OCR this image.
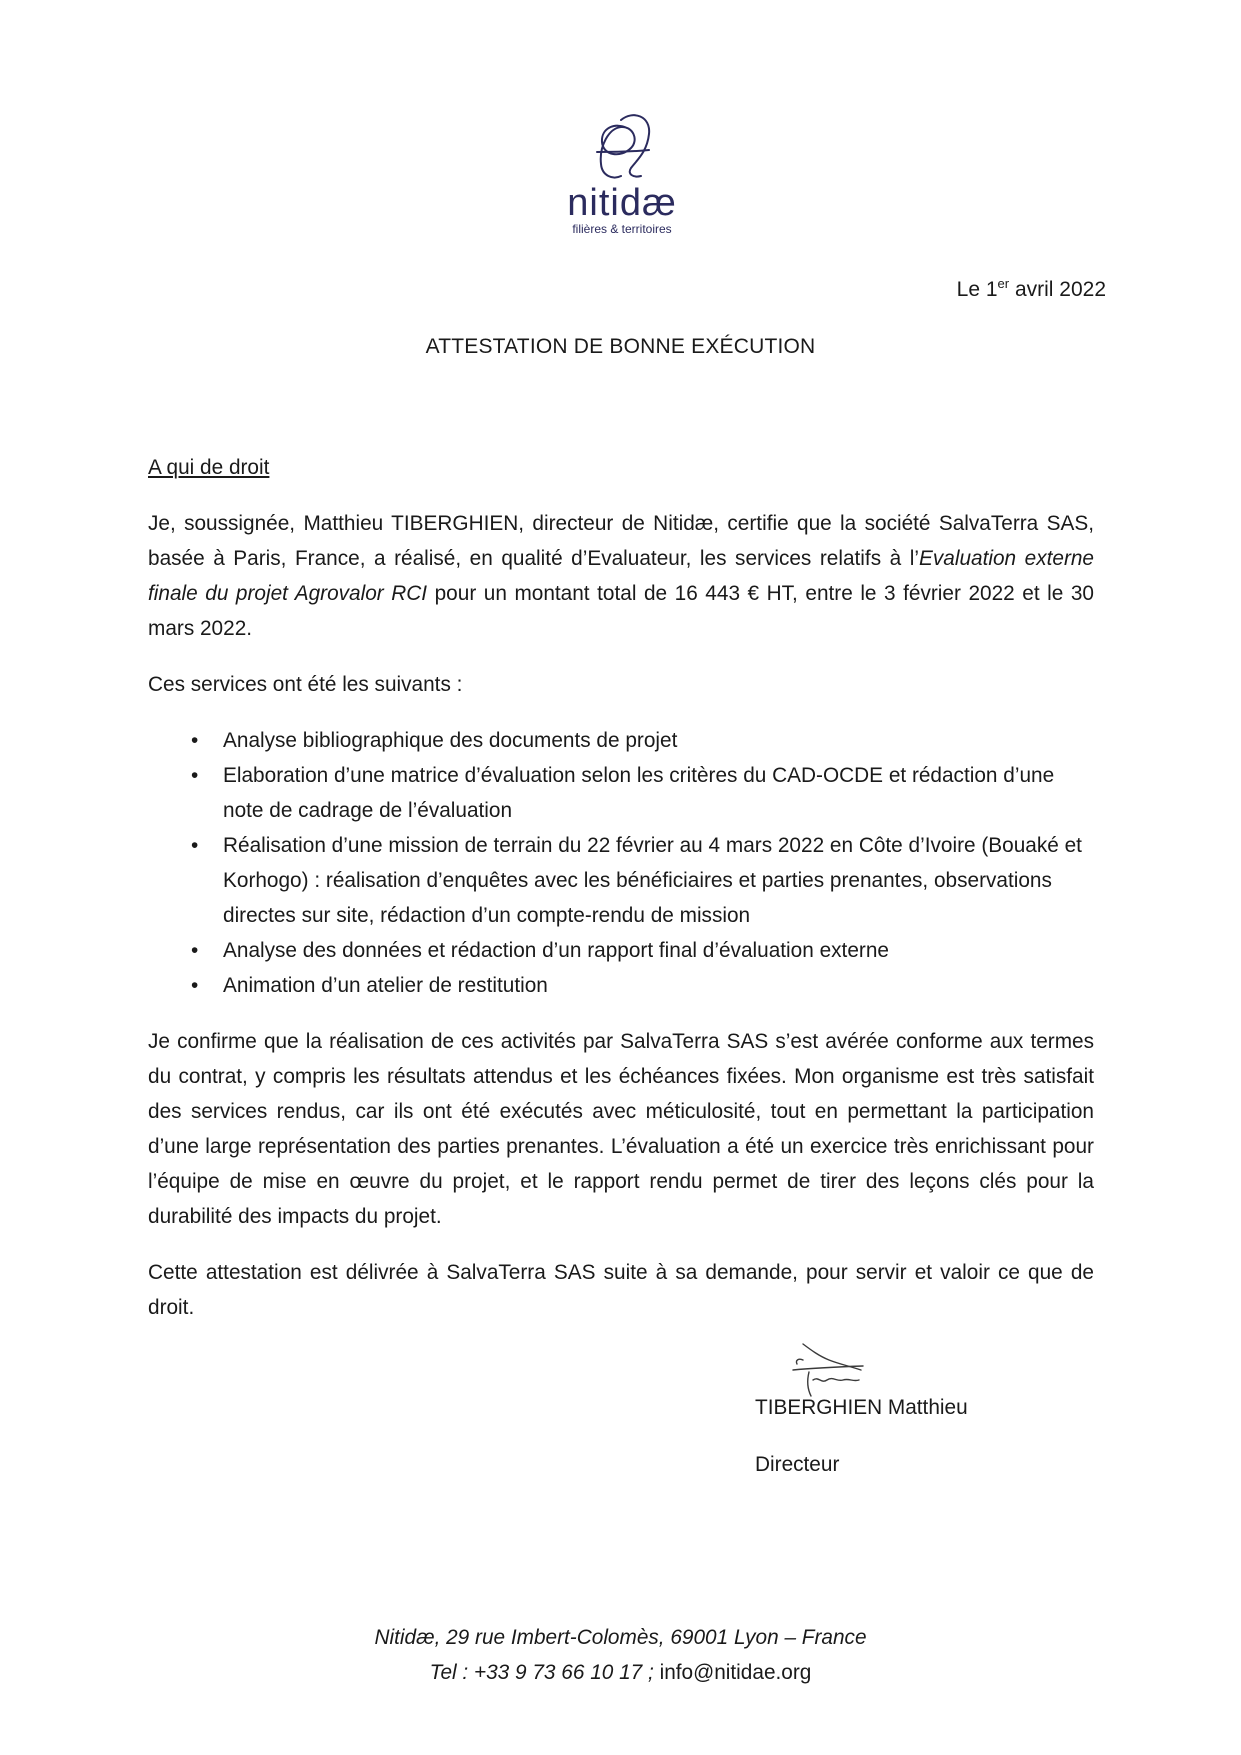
nitidæ
filières & territoires
Le 1er avril 2022
ATTESTATION DE BONNE EXÉCUTION
A qui de droit

Je, soussignée, Matthieu TIBERGHIEN, directeur de Nitidæ, certifie que la société SalvaTerra SAS, basée à Paris, France, a réalisé, en qualité d’Evaluateur, les services relatifs à l’Evaluation externe finale du projet Agrovalor RCI pour un montant total de 16 443 € HT, entre le 3 février 2022 et le 30 mars 2022.

Ces services ont été les suivants :

• Analyse bibliographique des documents de projet
• Elaboration d’une matrice d’évaluation selon les critères du CAD-OCDE et rédaction d’une note de cadrage de l’évaluation
• Réalisation d’une mission de terrain du 22 février au 4 mars 2022 en Côte d’Ivoire (Bouaké et Korhogo) : réalisation d’enquêtes avec les bénéficiaires et parties prenantes, observations directes sur site, rédaction d’un compte-rendu de mission
• Analyse des données et rédaction d’un rapport final d’évaluation externe
• Animation d’un atelier de restitution

Je confirme que la réalisation de ces activités par SalvaTerra SAS s’est avérée conforme aux termes du contrat, y compris les résultats attendus et les échéances fixées. Mon organisme est très satisfait des services rendus, car ils ont été exécutés avec méticulosité, tout en permettant la participation d’une large représentation des parties prenantes. L’évaluation a été un exercice très enrichissant pour l’équipe de mise en œuvre du projet, et le rapport rendu permet de tirer des leçons clés pour la durabilité des impacts du projet.

Cette attestation est délivrée à SalvaTerra SAS suite à sa demande, pour servir et valoir ce que de droit.

TIBERGHIEN Matthieu
Directeur
Nitidæ, 29 rue Imbert-Colomès, 69001 Lyon – France
Tel : +33 9 73 66 10 17 ; info@nitidae.org
